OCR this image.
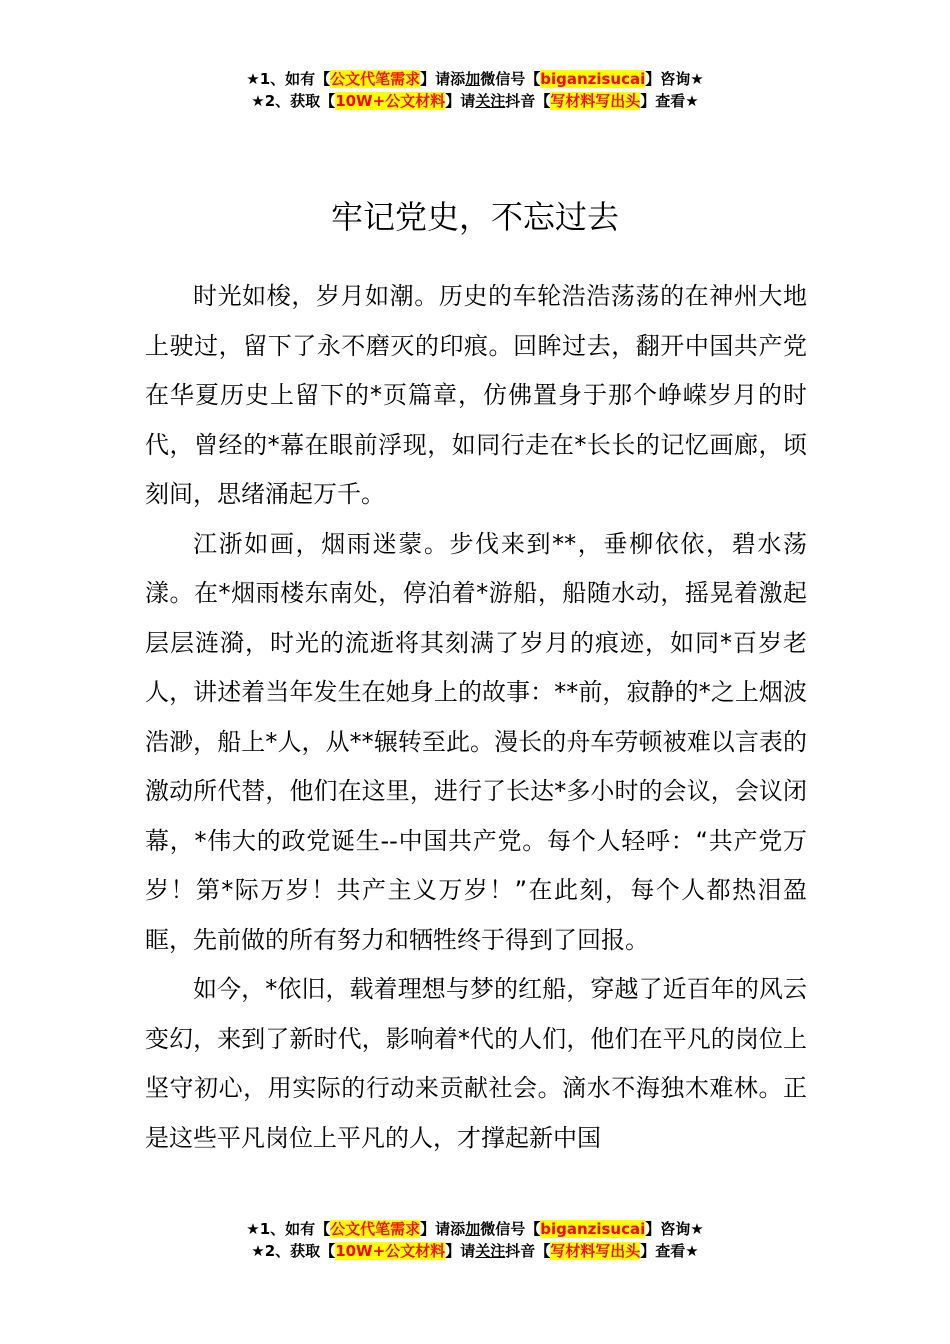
★1、如有【公文代笔需求】请添加微信号【biganzisucai】咨询★
★2、获取【10W+公文材料】请关注抖音【写材料写出头】查看★
牢记党史，不忘过去

时光如梭，岁月如潮。历史的车轮浩浩荡荡的在神州大地上驶过，留下了永不磨灭的印痕。回眸过去，翻开中国共产党在华夏历史上留下的*页篇章，仿佛置身于那个峥嵘岁月的时代，曾经的*幕在眼前浮现，如同行走在*长长的记忆画廊，顷刻间，思绪涌起万千。

江浙如画，烟雨迷蒙。步伐来到**，垂柳依依，碧水荡漾。在*烟雨楼东南处，停泊着*游船，船随水动，摇晃着激起层层涟漪，时光的流逝将其刻满了岁月的痕迹，如同*百岁老人，讲述着当年发生在她身上的故事：**前，寂静的*之上烟波浩渺，船上*人，从**辗转至此。漫长的舟车劳顿被难以言表的激动所代替，他们在这里，进行了长达*多小时的会议，会议闭幕，*伟大的政党诞生--中国共产党。每个人轻呼：“共产党万岁！第*际万岁！共产主义万岁！”在此刻，每个人都热泪盈眶，先前做的所有努力和牺牲终于得到了回报。

如今，*依旧，载着理想与梦的红船，穿越了近百年的风云变幻，来到了新时代，影响着*代的人们，他们在平凡的岗位上坚守初心，用实际的行动来贡献社会。滴水不海独木难林。正是这些平凡岗位上平凡的人，才撑起新中国

★1、如有【公文代笔需求】请添加微信号【biganzisucai】咨询★
★2、获取【10W+公文材料】请关注抖音【写材料写出头】查看★
